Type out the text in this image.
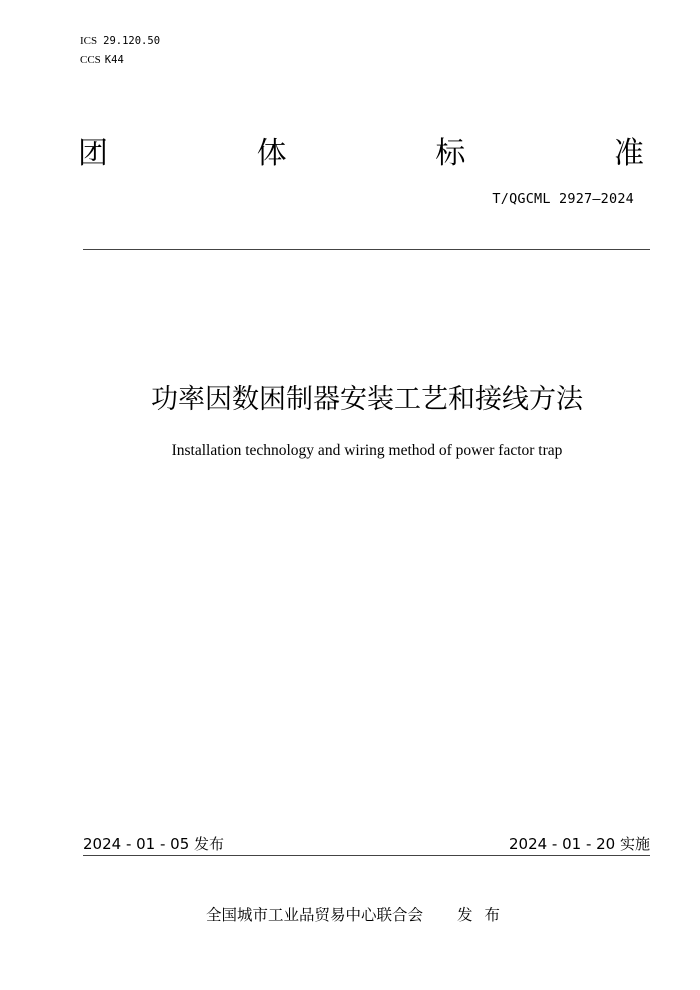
ICS 29.120.50
CCS K44
团	体	标	准
T/QGCML 2927—2024
功率因数困制器安装工艺和接线方法
Installation technology and wiring method of power factor trap
2024 - 01 - 05 发布	2024 - 01 - 20 实施
全国城市工业品贸易中心联合会 发布
